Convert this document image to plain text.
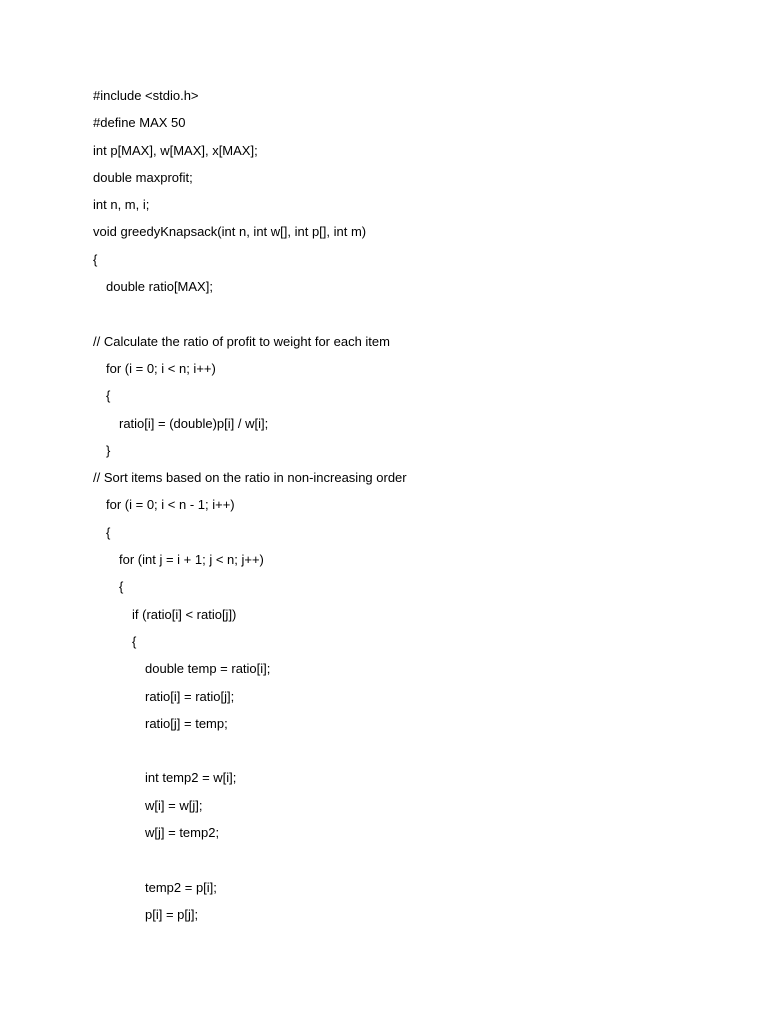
#include <stdio.h>
#define MAX 50
int p[MAX], w[MAX], x[MAX];
double maxprofit;
int n, m, i;
void greedyKnapsack(int n, int w[], int p[], int m)
{
double ratio[MAX];
// Calculate the ratio of profit to weight for each item
for (i = 0; i < n; i++)
{
ratio[i] = (double)p[i] / w[i];
}
// Sort items based on the ratio in non-increasing order
for (i = 0; i < n - 1; i++)
{
for (int j = i + 1; j < n; j++)
{
if (ratio[i] < ratio[j])
{
double temp = ratio[i];
ratio[i] = ratio[j];
ratio[j] = temp;
int temp2 = w[i];
w[i] = w[j];
w[j] = temp2;
temp2 = p[i];
p[i] = p[j];
